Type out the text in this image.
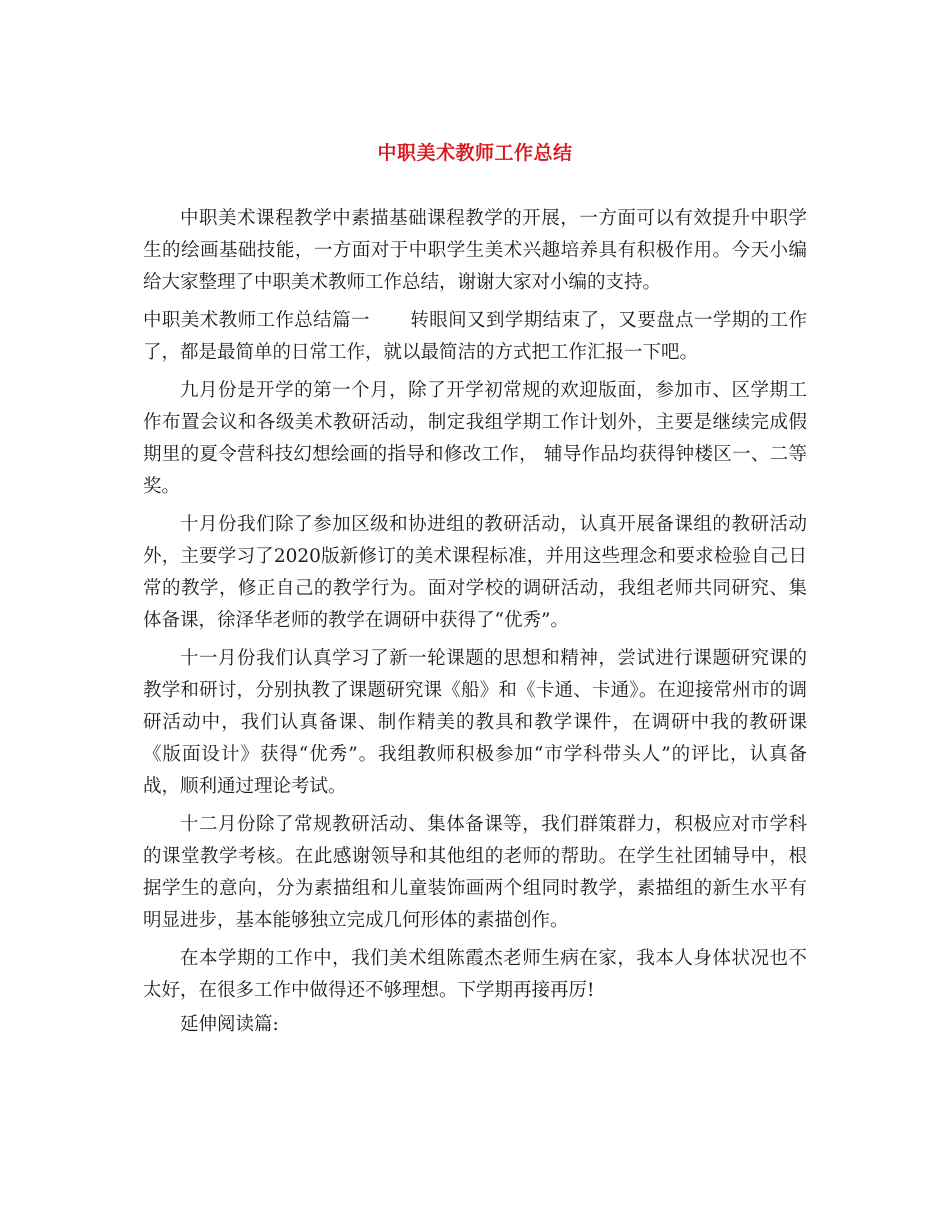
中职美术教师工作总结

中职美术课程教学中素描基础课程教学的开展，一方面可以有效提升中职学生的绘画基础技能，一方面对于中职学生美术兴趣培养具有积极作用。今天小编给大家整理了中职美术教师工作总结，谢谢大家对小编的支持。

中职美术教师工作总结篇一 转眼间又到学期结束了，又要盘点一学期的工作了，都是最简单的日常工作，就以最简洁的方式把工作汇报一下吧。

九月份是开学的第一个月，除了开学初常规的欢迎版面，参加市、区学期工作布置会议和各级美术教研活动，制定我组学期工作计划外，主要是继续完成假期里的夏令营科技幻想绘画的指导和修改工作， 辅导作品均获得钟楼区一、二等奖。

十月份我们除了参加区级和协进组的教研活动，认真开展备课组的教研活动外，主要学习了2020版新修订的美术课程标准，并用这些理念和要求检验自己日常的教学，修正自己的教学行为。面对学校的调研活动，我组老师共同研究、集体备课，徐泽华老师的教学在调研中获得了“优秀”。

十一月份我们认真学习了新一轮课题的思想和精神，尝试进行课题研究课的教学和研讨，分别执教了课题研究课《船》和《卡通、卡通》。在迎接常州市的调研活动中，我们认真备课、制作精美的教具和教学课件，在调研中我的教研课《版面设计》获得“优秀”。我组教师积极参加“市学科带头人”的评比，认真备战，顺利通过理论考试。

十二月份除了常规教研活动、集体备课等，我们群策群力，积极应对市学科的课堂教学考核。在此感谢领导和其他组的老师的帮助。在学生社团辅导中，根据学生的意向，分为素描组和儿童装饰画两个组同时教学，素描组的新生水平有明显进步，基本能够独立完成几何形体的素描创作。

在本学期的工作中，我们美术组陈霞杰老师生病在家，我本人身体状况也不太好，在很多工作中做得还不够理想。下学期再接再厉!

延伸阅读篇:
